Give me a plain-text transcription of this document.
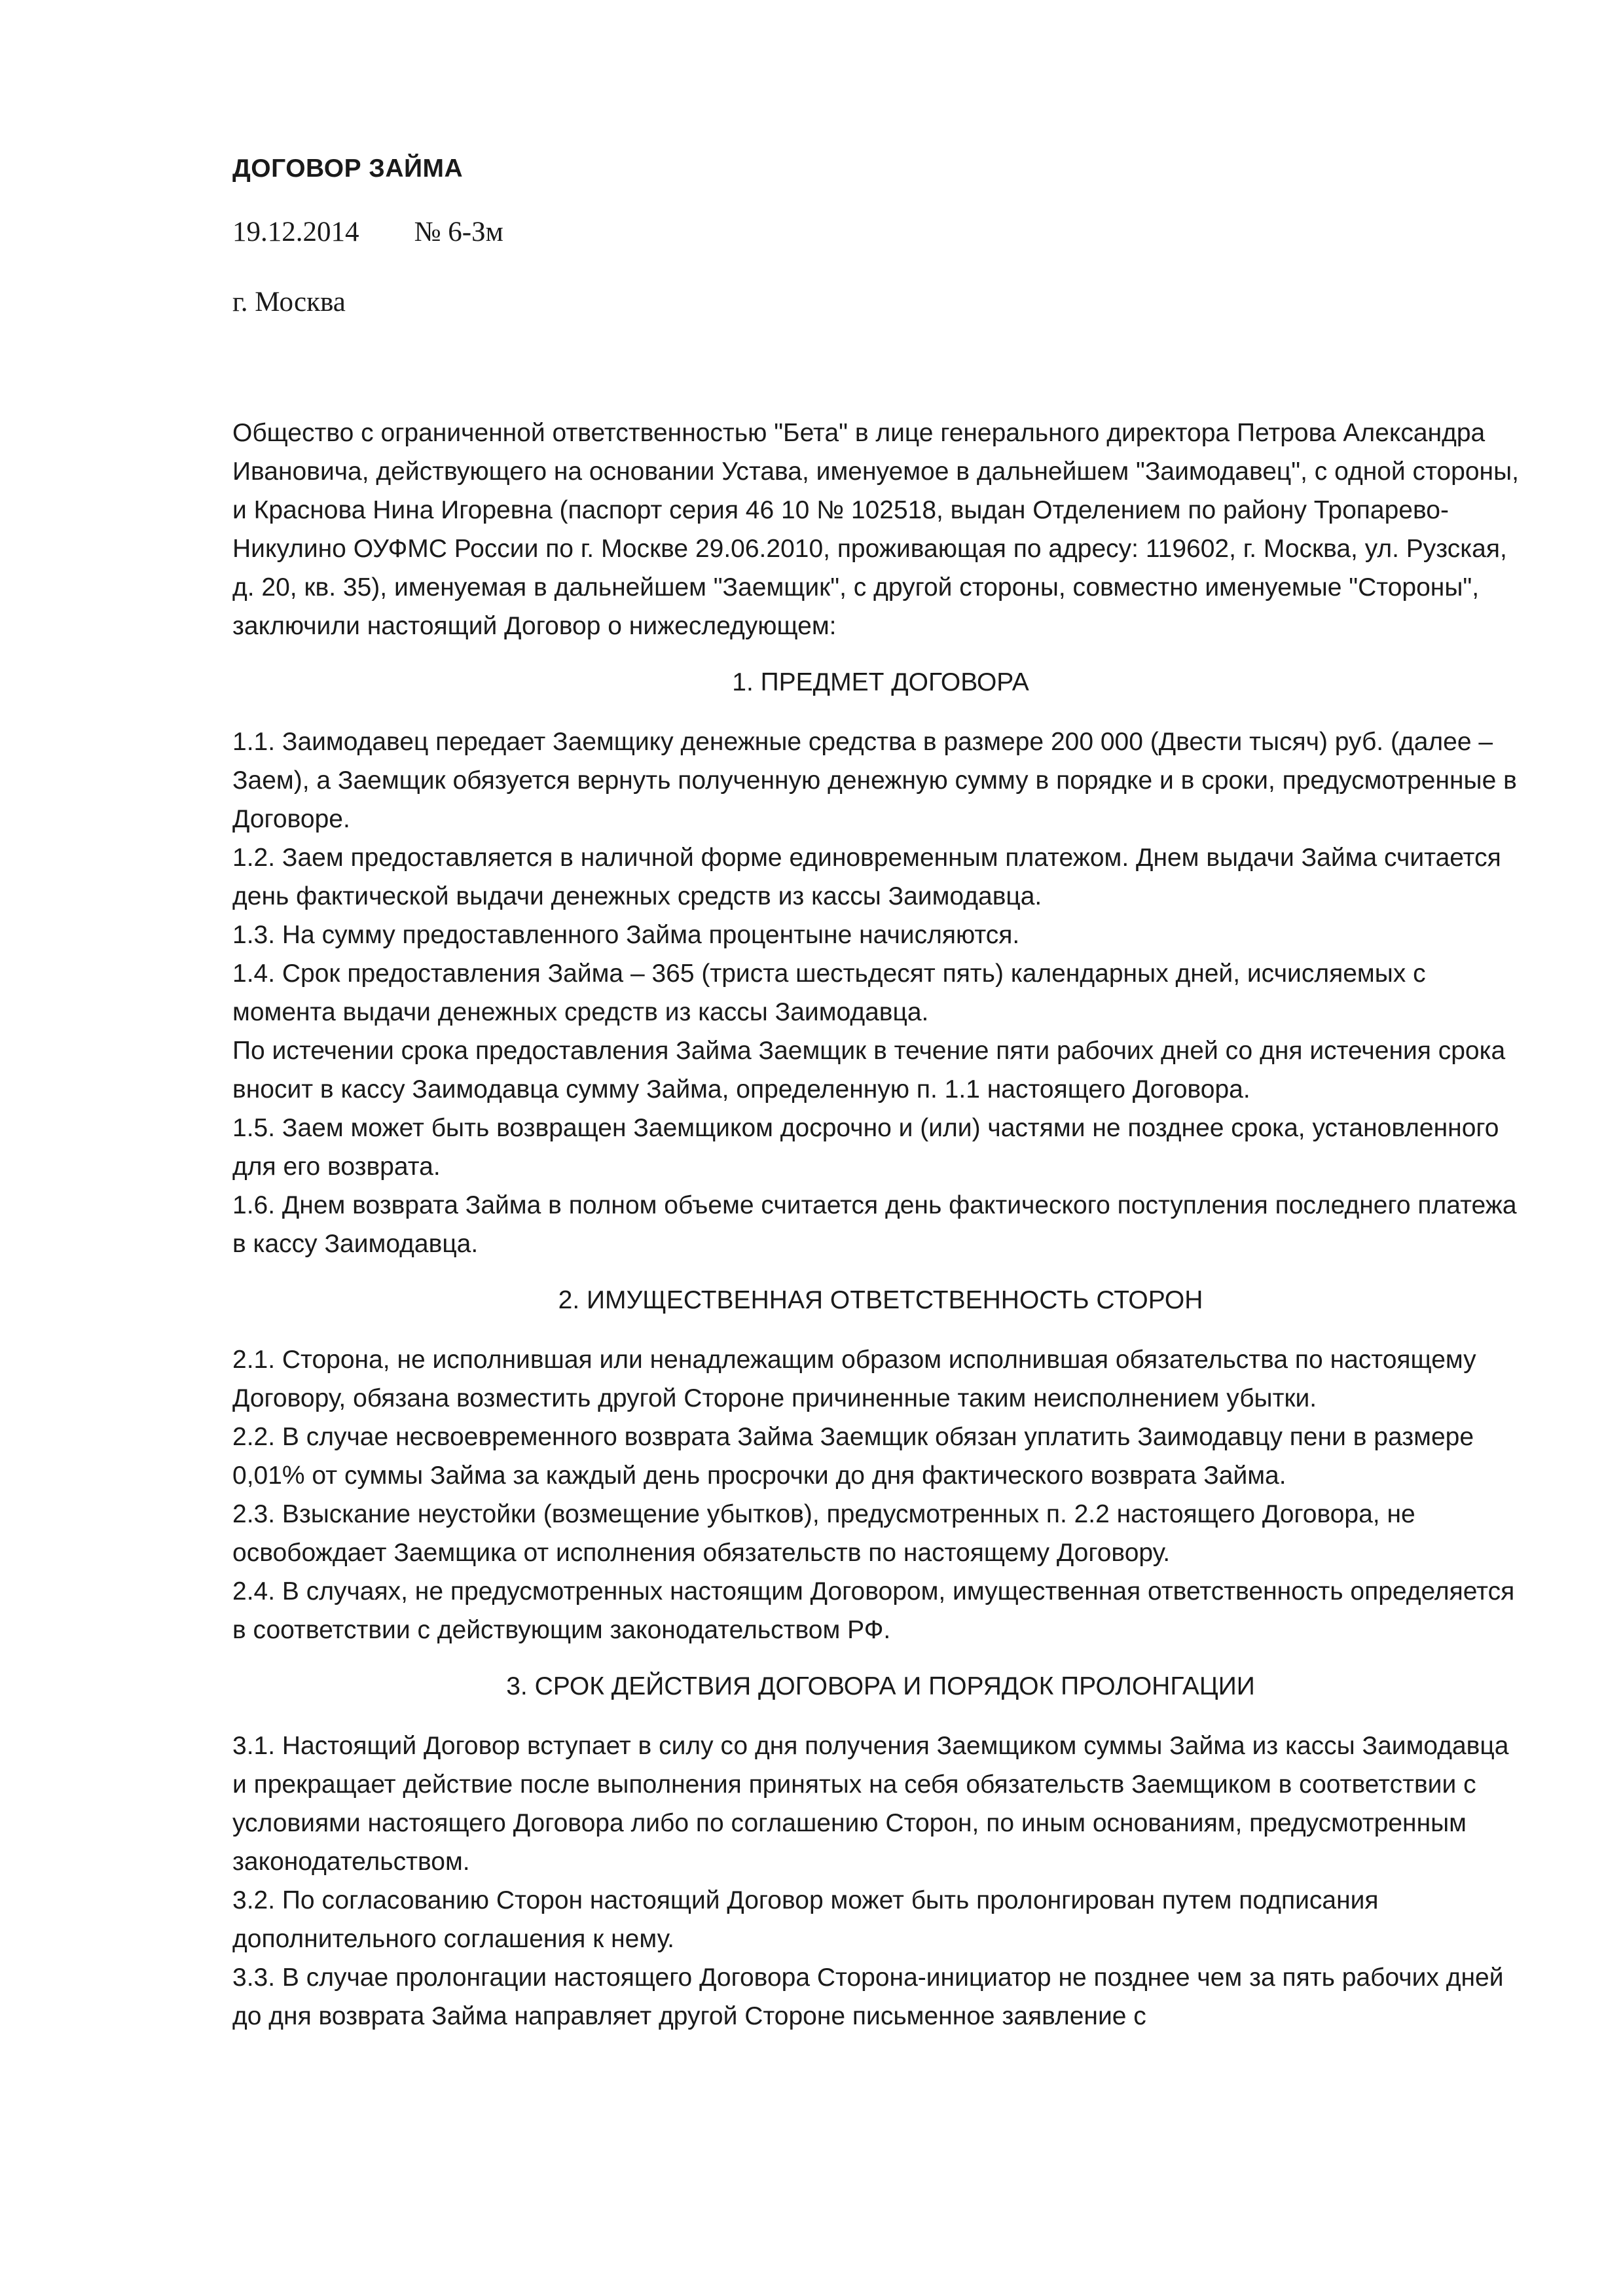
ДОГОВОР ЗАЙМА
19.12.2014 № 6-Зм
г. Москва

Общество с ограниченной ответственностью "Бета" в лице генерального директора Петрова Александра Ивановича, действующего на основании Устава, именуемое в дальнейшем "Заимодавец", с одной стороны, и Краснова Нина Игоревна (паспорт серия 46 10 № 102518, выдан Отделением по району Тропарево-Никулино ОУФМС России по г. Москве 29.06.2010, проживающая по адресу: 119602, г. Москва, ул. Рузская, д. 20, кв. 35), именуемая в дальнейшем "Заемщик", с другой стороны, совместно именуемые "Стороны", заключили настоящий Договор о нижеследующем:

1. ПРЕДМЕТ ДОГОВОРА

1.1. Заимодавец передает Заемщику денежные средства в размере 200 000 (Двести тысяч) руб. (далее – Заем), а Заемщик обязуется вернуть полученную денежную сумму в порядке и в сроки, предусмотренные в Договоре.

1.2. Заем предоставляется в наличной форме единовременным платежом. Днем выдачи Займа считается день фактической выдачи денежных средств из кассы Заимодавца.

1.3. На сумму предоставленного Займа процентыне начисляются.

1.4. Срок предоставления Займа – 365 (триста шестьдесят пять) календарных дней, исчисляемых с момента выдачи денежных средств из кассы Заимодавца.

По истечении срока предоставления Займа Заемщик в течение пяти рабочих дней со дня истечения срока вносит в кассу Заимодавца сумму Займа, определенную п. 1.1 настоящего Договора.

1.5. Заем может быть возвращен Заемщиком досрочно и (или) частями не позднее срока, установленного для его возврата.

1.6. Днем возврата Займа в полном объеме считается день фактического поступления последнего платежа в кассу Заимодавца.

2. ИМУЩЕСТВЕННАЯ ОТВЕТСТВЕННОСТЬ СТОРОН

2.1. Сторона, не исполнившая или ненадлежащим образом исполнившая обязательства по настоящему Договору, обязана возместить другой Стороне причиненные таким неисполнением убытки.

2.2. В случае несвоевременного возврата Займа Заемщик обязан уплатить Заимодавцу пени в размере 0,01% от суммы Займа за каждый день просрочки до дня фактического возврата Займа.

2.3. Взыскание неустойки (возмещение убытков), предусмотренных п. 2.2 настоящего Договора, не освобождает Заемщика от исполнения обязательств по настоящему Договору.

2.4. В случаях, не предусмотренных настоящим Договором, имущественная ответственность определяется в соответствии с действующим законодательством РФ.

3. СРОК ДЕЙСТВИЯ ДОГОВОРА И ПОРЯДОК ПРОЛОНГАЦИИ

3.1. Настоящий Договор вступает в силу со дня получения Заемщиком суммы Займа из кассы Заимодавца и прекращает действие после выполнения принятых на себя обязательств Заемщиком в соответствии с условиями настоящего Договора либо по соглашению Сторон, по иным основаниям, предусмотренным законодательством.

3.2. По согласованию Сторон настоящий Договор может быть пролонгирован путем подписания дополнительного соглашения к нему.

3.3. В случае пролонгации настоящего Договора Сторона-инициатор не позднее чем за пять рабочих дней до дня возврата Займа направляет другой Стороне письменное заявление с
